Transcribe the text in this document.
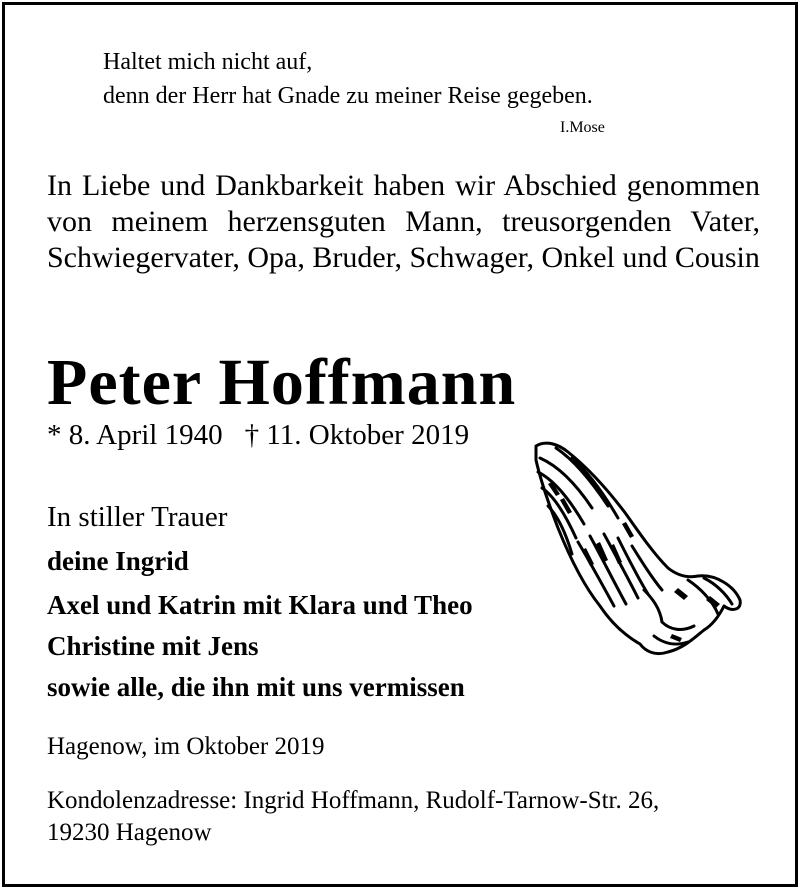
Haltet mich nicht auf,

denn der Herr hat Gnade zu meiner Reise gegeben.

I.Mose

In Liebe und Dankbarkeit haben wir Abschied genommen von meinem herzensguten Mann, treusorgenden Vater, Schwiegervater, Opa, Bruder, Schwager, Onkel und Cousin

Peter Hoffmann

* 8. April 1940 † 11. Oktober 2019

In stiller Trauer

deine Ingrid

Axel und Katrin mit Klara und Theo

Christine mit Jens

sowie alle, die ihn mit uns vermissen

Hagenow, im Oktober 2019

Kondolenzadresse: Ingrid Hoffmann, Rudolf-Tarnow-Str. 26,

19230 Hagenow
